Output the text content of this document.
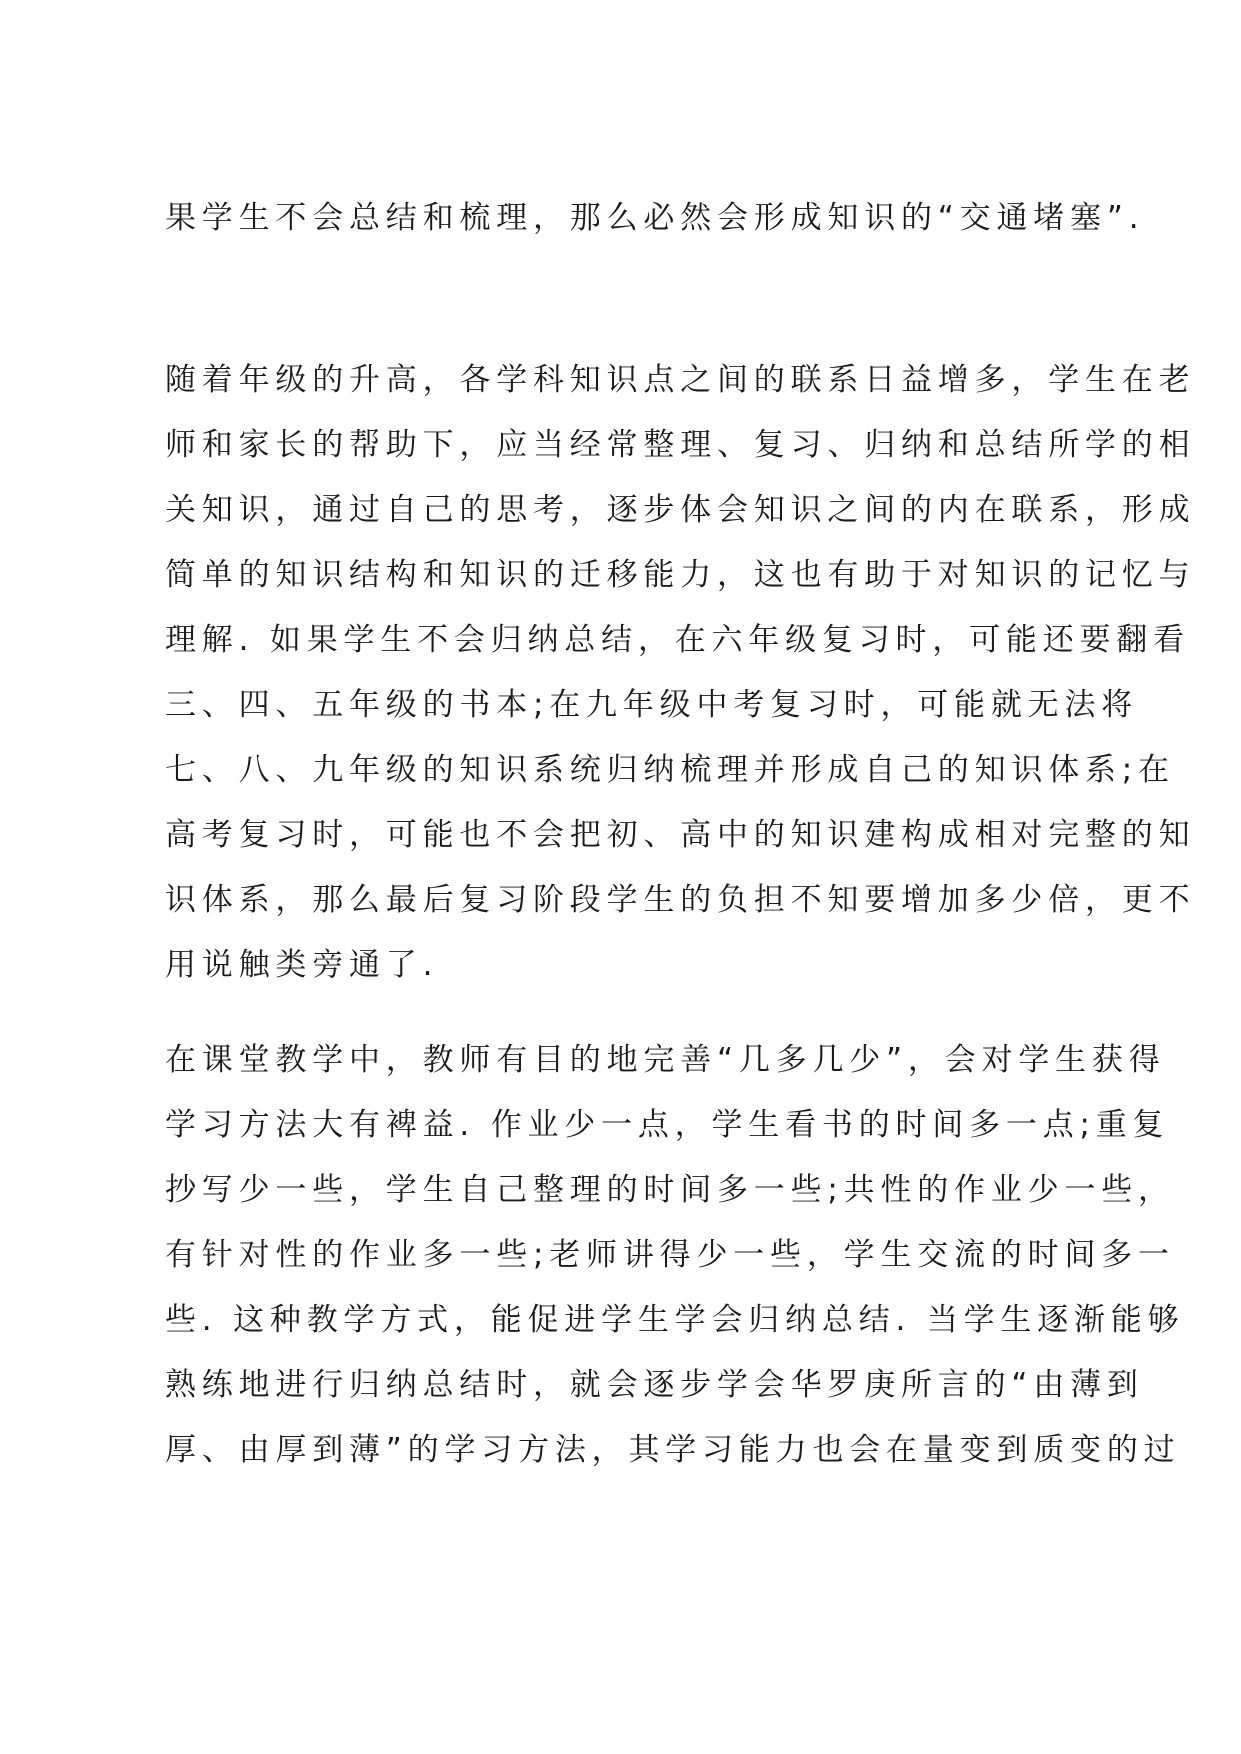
果学生不会总结和梳理，那么必然会形成知识的“交通堵塞”.
随着年级的升高，各学科知识点之间的联系日益增多，学生在老
师和家长的帮助下，应当经常整理、复习、归纳和总结所学的相
关知识，通过自己的思考，逐步体会知识之间的内在联系，形成
简单的知识结构和知识的迁移能力，这也有助于对知识的记忆与
理解. 如果学生不会归纳总结，在六年级复习时，可能还要翻看
三、四、五年级的书本;在九年级中考复习时，可能就无法将
七、八、九年级的知识系统归纳梳理并形成自己的知识体系;在
高考复习时，可能也不会把初、高中的知识建构成相对完整的知
识体系，那么最后复习阶段学生的负担不知要增加多少倍，更不
用说触类旁通了.
在课堂教学中，教师有目的地完善“几多几少”，会对学生获得
学习方法大有裨益. 作业少一点，学生看书的时间多一点;重复
抄写少一些，学生自己整理的时间多一些;共性的作业少一些，
有针对性的作业多一些;老师讲得少一些，学生交流的时间多一
些. 这种教学方式，能促进学生学会归纳总结. 当学生逐渐能够
熟练地进行归纳总结时，就会逐步学会华罗庚所言的“由薄到
厚、由厚到薄”的学习方法，其学习能力也会在量变到质变的过
